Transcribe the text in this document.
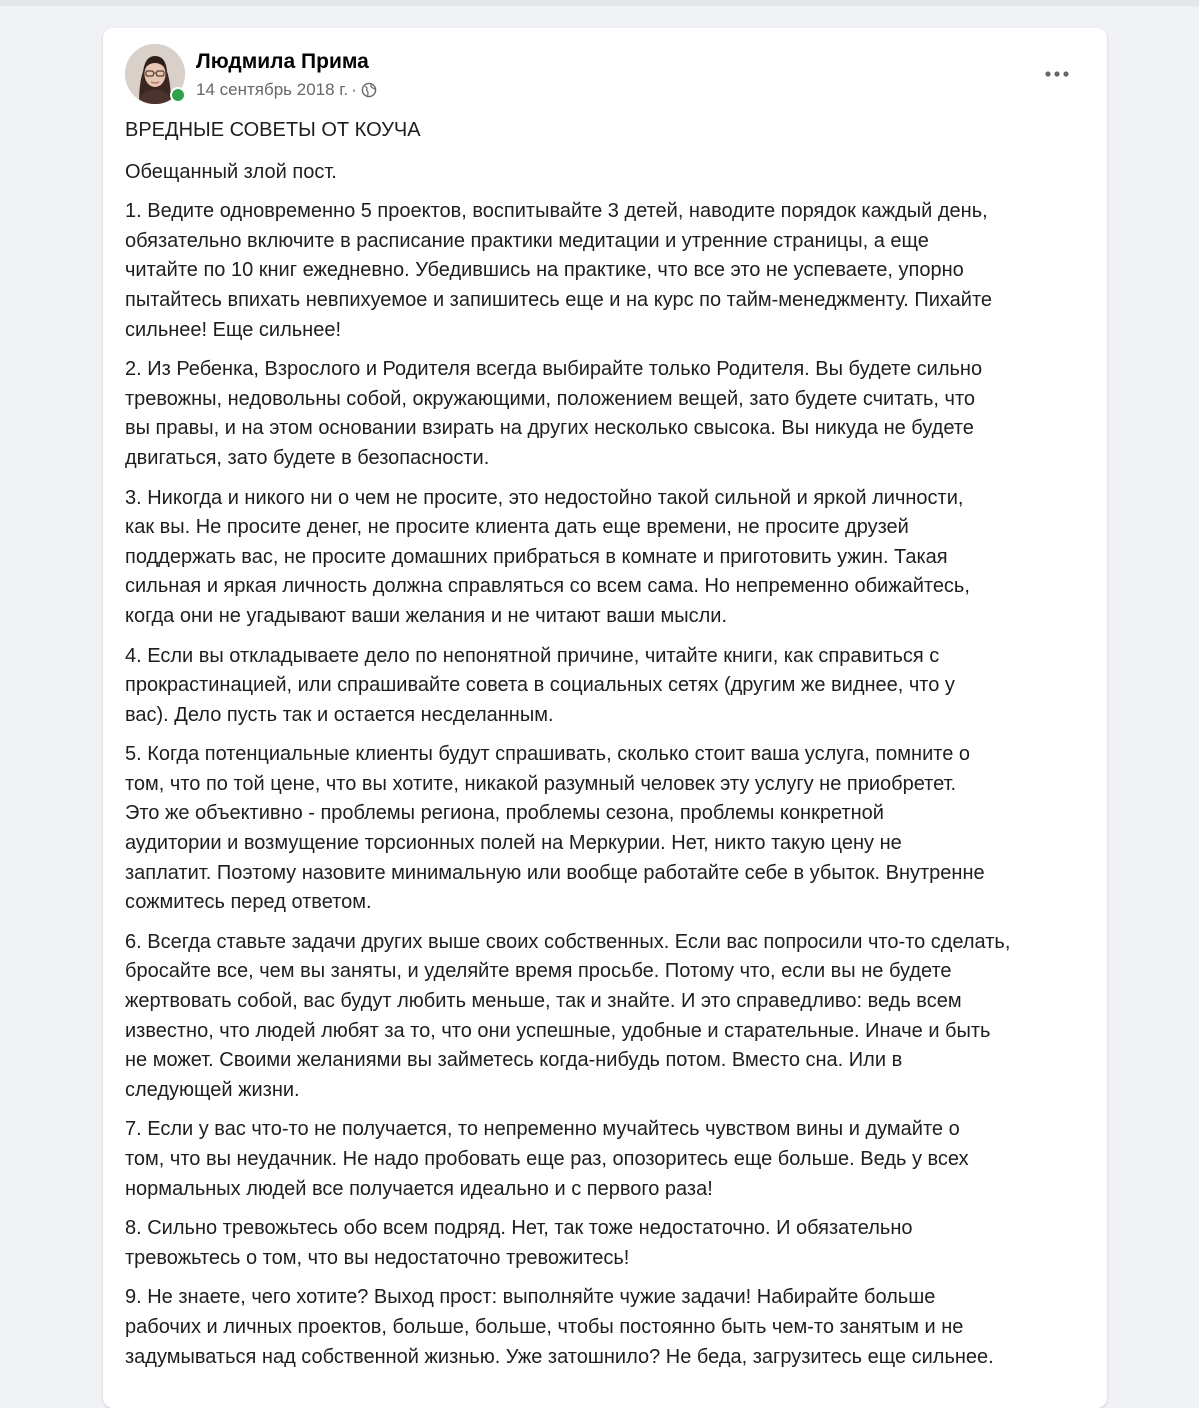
Людмила Прима
14 сентябрь 2018 г. ·

ВРЕДНЫЕ СОВЕТЫ ОТ КОУЧА

Обещанный злой пост.

1. Ведите одновременно 5 проектов, воспитывайте 3 детей, наводите порядок каждый день,
обязательно включите в расписание практики медитации и утренние страницы, а еще
читайте по 10 книг ежедневно. Убедившись на практике, что все это не успеваете, упорно
пытайтесь впихать невпихуемое и запишитесь еще и на курс по тайм-менеджменту. Пихайте
сильнее! Еще сильнее!

2. Из Ребенка, Взрослого и Родителя всегда выбирайте только Родителя. Вы будете сильно
тревожны, недовольны собой, окружающими, положением вещей, зато будете считать, что
вы правы, и на этом основании взирать на других несколько свысока. Вы никуда не будете
двигаться, зато будете в безопасности.

3. Никогда и никого ни о чем не просите, это недостойно такой сильной и яркой личности,
как вы. Не просите денег, не просите клиента дать еще времени, не просите друзей
поддержать вас, не просите домашних прибраться в комнате и приготовить ужин. Такая
сильная и яркая личность должна справляться со всем сама. Но непременно обижайтесь,
когда они не угадывают ваши желания и не читают ваши мысли.

4. Если вы откладываете дело по непонятной причине, читайте книги, как справиться с
прокрастинацией, или спрашивайте совета в социальных сетях (другим же виднее, что у
вас). Дело пусть так и остается несделанным.

5. Когда потенциальные клиенты будут спрашивать, сколько стоит ваша услуга, помните о
том, что по той цене, что вы хотите, никакой разумный человек эту услугу не приобретет.
Это же объективно - проблемы региона, проблемы сезона, проблемы конкретной
аудитории и возмущение торсионных полей на Меркурии. Нет, никто такую цену не
заплатит. Поэтому назовите минимальную или вообще работайте себе в убыток. Внутренне
сожмитесь перед ответом.

6. Всегда ставьте задачи других выше своих собственных. Если вас попросили что-то сделать,
бросайте все, чем вы заняты, и уделяйте время просьбе. Потому что, если вы не будете
жертвовать собой, вас будут любить меньше, так и знайте. И это справедливо: ведь всем
известно, что людей любят за то, что они успешные, удобные и старательные. Иначе и быть
не может. Своими желаниями вы займетесь когда-нибудь потом. Вместо сна. Или в
следующей жизни.

7. Если у вас что-то не получается, то непременно мучайтесь чувством вины и думайте о
том, что вы неудачник. Не надо пробовать еще раз, опозоритесь еще больше. Ведь у всех
нормальных людей все получается идеально и с первого раза!

8. Сильно тревожьтесь обо всем подряд. Нет, так тоже недостаточно. И обязательно
тревожьтесь о том, что вы недостаточно тревожитесь!

9. Не знаете, чего хотите? Выход прост: выполняйте чужие задачи! Набирайте больше
рабочих и личных проектов, больше, больше, чтобы постоянно быть чем-то занятым и не
задумываться над собственной жизнью. Уже затошнило? Не беда, загрузитесь еще сильнее.
